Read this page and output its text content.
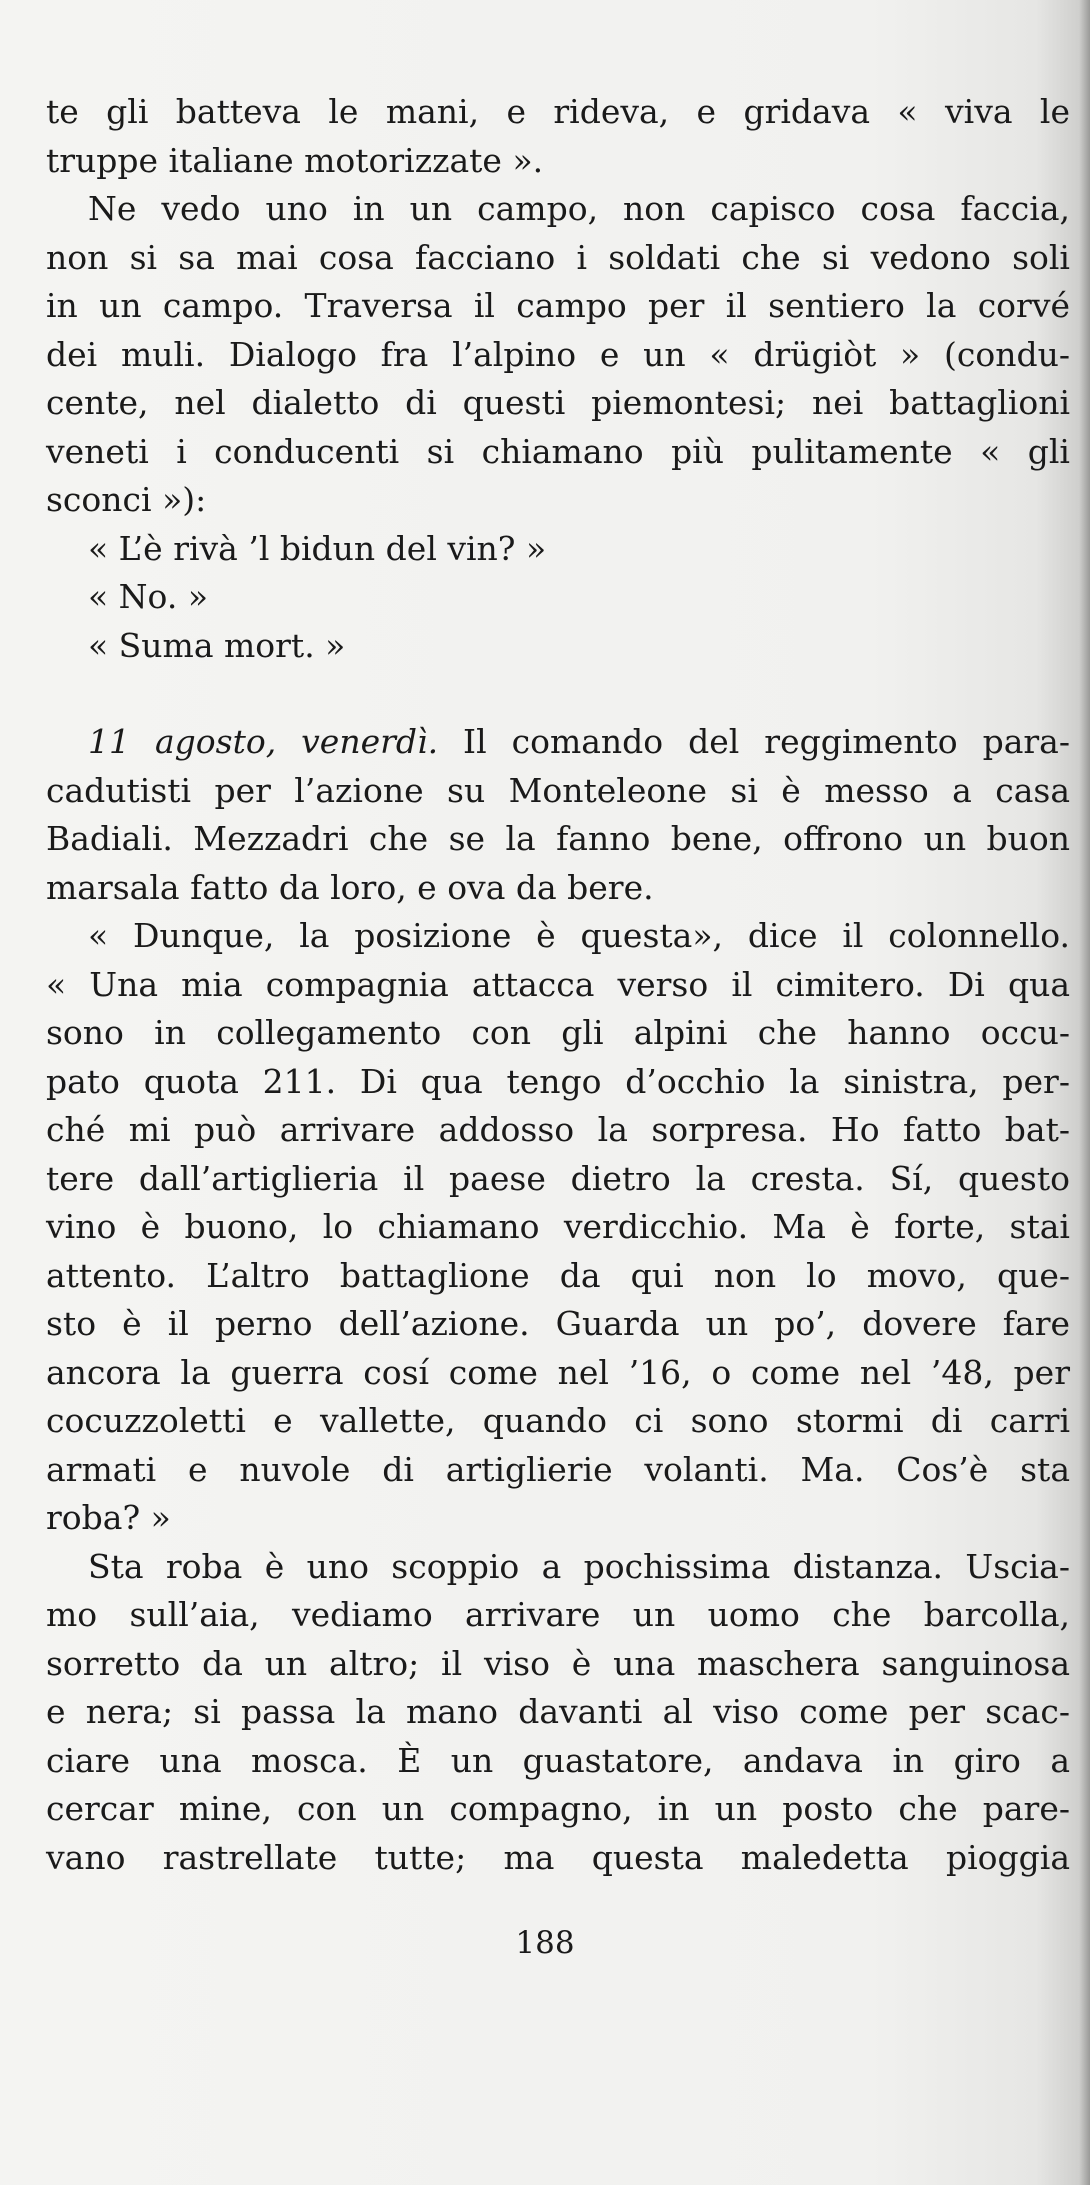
te gli batteva le mani, e rideva, e gridava « viva le
truppe italiane motorizzate ».
Ne vedo uno in un campo, non capisco cosa faccia,
non si sa mai cosa facciano i soldati che si vedono soli
in un campo. Traversa il campo per il sentiero la corvé
dei muli. Dialogo fra l’alpino e un « drügiòt » (condu-
cente, nel dialetto di questi piemontesi; nei battaglioni
veneti i conducenti si chiamano più pulitamente « gli
sconci »):
« L’è rivà ’l bidun del vin? »
« No. »
« Suma mort. »
11 agosto, venerdì. Il comando del reggimento para-
cadutisti per l’azione su Monteleone si è messo a casa
Badiali. Mezzadri che se la fanno bene, offrono un buon
marsala fatto da loro, e ova da bere.
« Dunque, la posizione è questa», dice il colonnello.
« Una mia compagnia attacca verso il cimitero. Di qua
sono in collegamento con gli alpini che hanno occu-
pato quota 211. Di qua tengo d’occhio la sinistra, per-
ché mi può arrivare addosso la sorpresa. Ho fatto bat-
tere dall’artiglieria il paese dietro la cresta. Sí, questo
vino è buono, lo chiamano verdicchio. Ma è forte, stai
attento. L’altro battaglione da qui non lo movo, que-
sto è il perno dell’azione. Guarda un po’, dovere fare
ancora la guerra cosí come nel ’16, o come nel ’48, per
cocuzzoletti e vallette, quando ci sono stormi di carri
armati e nuvole di artiglierie volanti. Ma. Cos’è sta
roba? »
Sta roba è uno scoppio a pochissima distanza. Uscia-
mo sull’aia, vediamo arrivare un uomo che barcolla,
sorretto da un altro; il viso è una maschera sanguinosa
e nera; si passa la mano davanti al viso come per scac-
ciare una mosca. È un guastatore, andava in giro a
cercar mine, con un compagno, in un posto che pare-
vano rastrellate tutte; ma questa maledetta pioggia
188
